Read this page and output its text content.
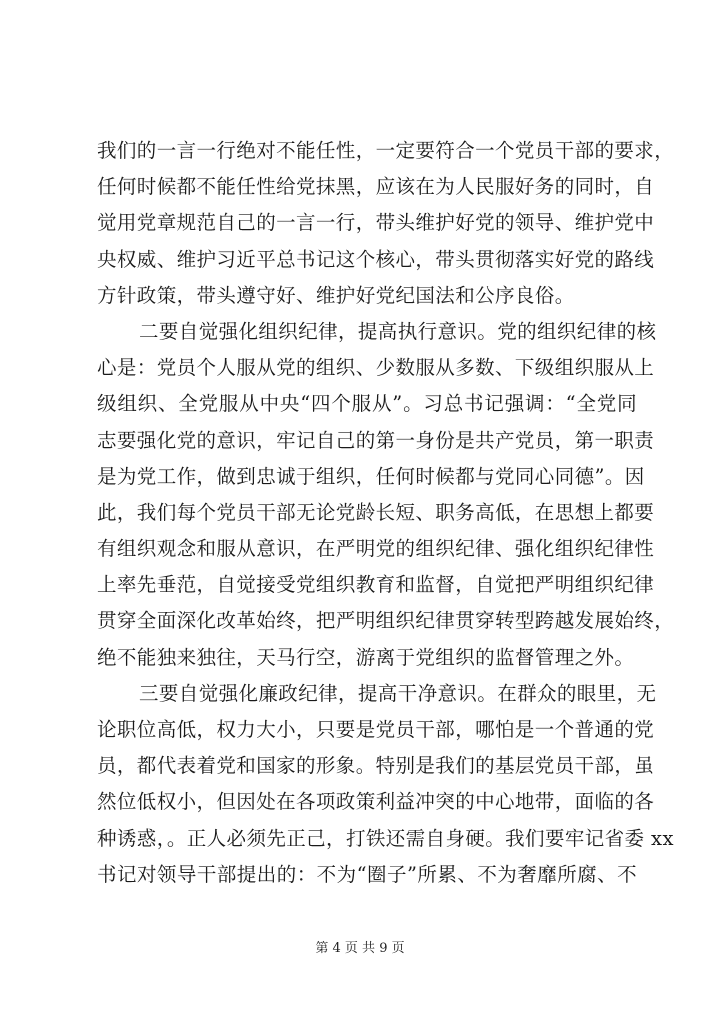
我们的一言一行绝对不能任性，一定要符合一个党员干部的要求，
任何时候都不能任性给党抹黑，应该在为人民服好务的同时，自
觉用党章规范自己的一言一行，带头维护好党的领导、维护党中
央权威、维护习近平总书记这个核心，带头贯彻落实好党的路线
方针政策，带头遵守好、维护好党纪国法和公序良俗。
二要自觉强化组织纪律，提高执行意识。党的组织纪律的核
心是：党员个人服从党的组织、少数服从多数、下级组织服从上
级组织、全党服从中央“四个服从”。习总书记强调：“全党同
志要强化党的意识，牢记自己的第一身份是共产党员，第一职责
是为党工作，做到忠诚于组织，任何时候都与党同心同德”。因
此，我们每个党员干部无论党龄长短、职务高低，在思想上都要
有组织观念和服从意识，在严明党的组织纪律、强化组织纪律性
上率先垂范，自觉接受党组织教育和监督，自觉把严明组织纪律
贯穿全面深化改革始终，把严明组织纪律贯穿转型跨越发展始终，
绝不能独来独往，天马行空，游离于党组织的监督管理之外。
三要自觉强化廉政纪律，提高干净意识。在群众的眼里，无
论职位高低，权力大小，只要是党员干部，哪怕是一个普通的党
员，都代表着党和国家的形象。特别是我们的基层党员干部，虽
然位低权小，但因处在各项政策利益冲突的中心地带，面临的各
种诱惑，。正人必须先正己，打铁还需自身硬。我们要牢记省委 xx
书记对领导干部提出的：不为“圈子”所累、不为奢靡所腐、不
第 4 页 共 9 页
